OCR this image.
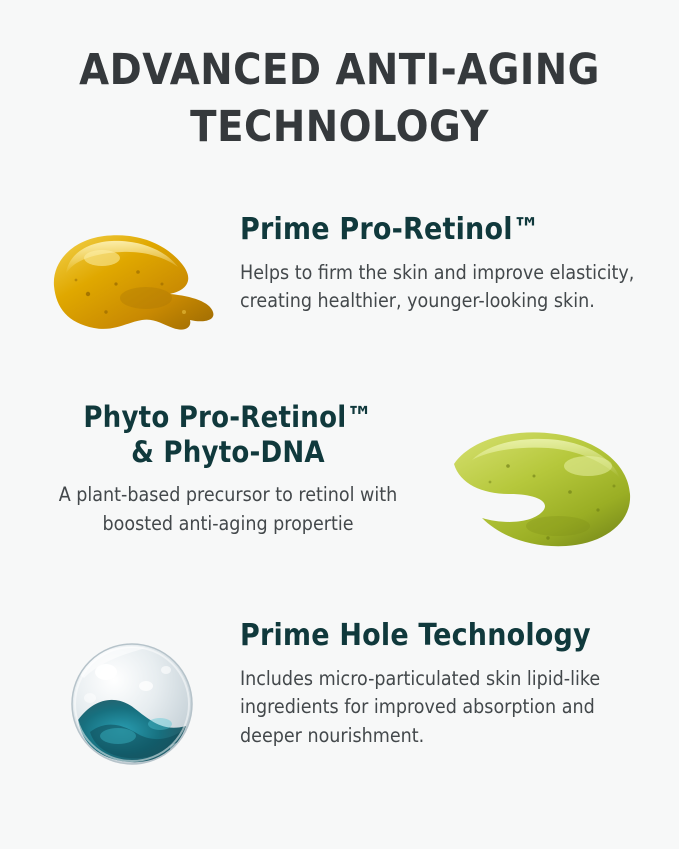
ADVANCED ANTI-AGING
TECHNOLOGY
Prime Pro-Retinol™

Helps to firm the skin and improve elasticity, creating healthier, younger-looking skin.

Phyto Pro-Retinol™
& Phyto-DNA

A plant-based precursor to retinol with boosted anti-aging propertie

Prime Hole Technology

Includes micro-particulated skin lipid-like ingredients for improved absorption and deeper nourishment.
